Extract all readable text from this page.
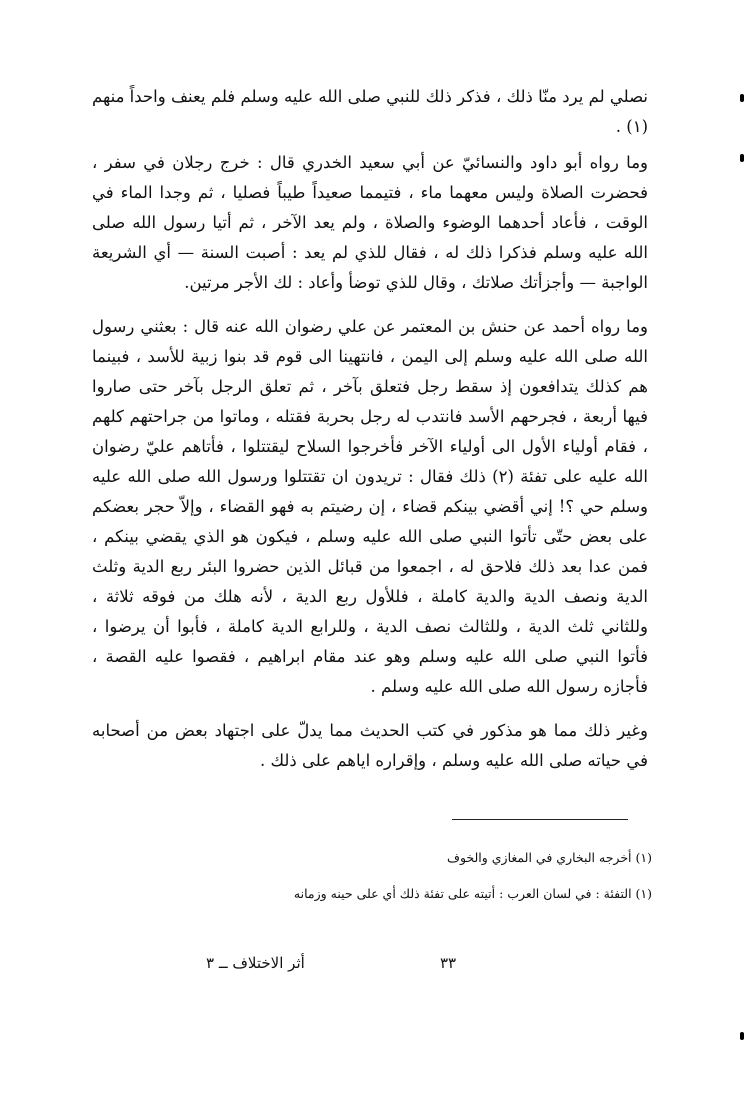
نصلي لم يرد منّا ذلك ، فذكر ذلك للنبي صلى الله عليه وسلم فلم يعنف واحداً منهم (١) .

وما رواه أبو داود والنسائيّ عن أبي سعيد الخدري قال : خرج رجلان في سفر ، فحضرت الصلاة وليس معهما ماء ، فتيمما صعيداً طيباً فصليا ، ثم وجدا الماء في الوقت ، فأعاد أحدهما الوضوء والصلاة ، ولم يعد الآخر ، ثم أتيا رسول الله صلى الله عليه وسلم فذكرا ذلك له ، فقال للذي لم يعد : أصبت السنة — أي الشريعة الواجبة — وأجزأتك صلاتك ، وقال للذي توضأ وأعاد : لك الأجر مرتين.

وما رواه أحمد عن حنش بن المعتمر عن علي رضوان الله عنه قال : بعثني رسول الله صلى الله عليه وسلم إلى اليمن ، فانتهينا الى قوم قد بنوا زبية للأسد ، فبينما هم كذلك يتدافعون إذ سقط رجل فتعلق بآخر ، ثم تعلق الرجل بآخر حتى صاروا فيها أربعة ، فجرحهم الأسد فانتدب له رجل بحربة فقتله ، وماتوا من جراحتهم كلهم ، فقام أولياء الأول الى أولياء الآخر فأخرجوا السلاح ليقتتلوا ، فأتاهم عليّ رضوان الله عليه على تفئة (٢) ذلك فقال : تريدون ان تقتتلوا ورسول الله صلى الله عليه وسلم حي ؟! إني أقضي بينكم قضاء ، إن رضيتم به فهو القضاء ، وإلاّ حجر بعضكم على بعض حتّى تأتوا النبي صلى الله عليه وسلم ، فيكون هو الذي يقضي بينكم ، فمن عدا بعد ذلك فلاحق له ، اجمعوا من قبائل الذين حضروا البئر ربع الدية وثلث الدية ونصف الدية والدية كاملة ، فللأول ربع الدية ، لأنه هلك من فوقه ثلاثة ، وللثاني ثلث الدية ، وللثالث نصف الدية ، وللرابع الدية كاملة ، فأبوا أن يرضوا ، فأتوا النبي صلى الله عليه وسلم وهو عند مقام ابراهيم ، فقصوا عليه القصة ، فأجازه رسول الله صلى الله عليه وسلم .

وغير ذلك مما هو مذكور في كتب الحديث مما يدلّ على اجتهاد بعض من أصحابه في حياته صلى الله عليه وسلم ، وإقراره اياهم على ذلك .

(١) أخرجه البخاري في المغازي والخوف

(١) التفئة : في لسان العرب : أتيته على تفئة ذلك أي على حينه وزمانه

٣٣
أثر الاختلاف ــ ٣
